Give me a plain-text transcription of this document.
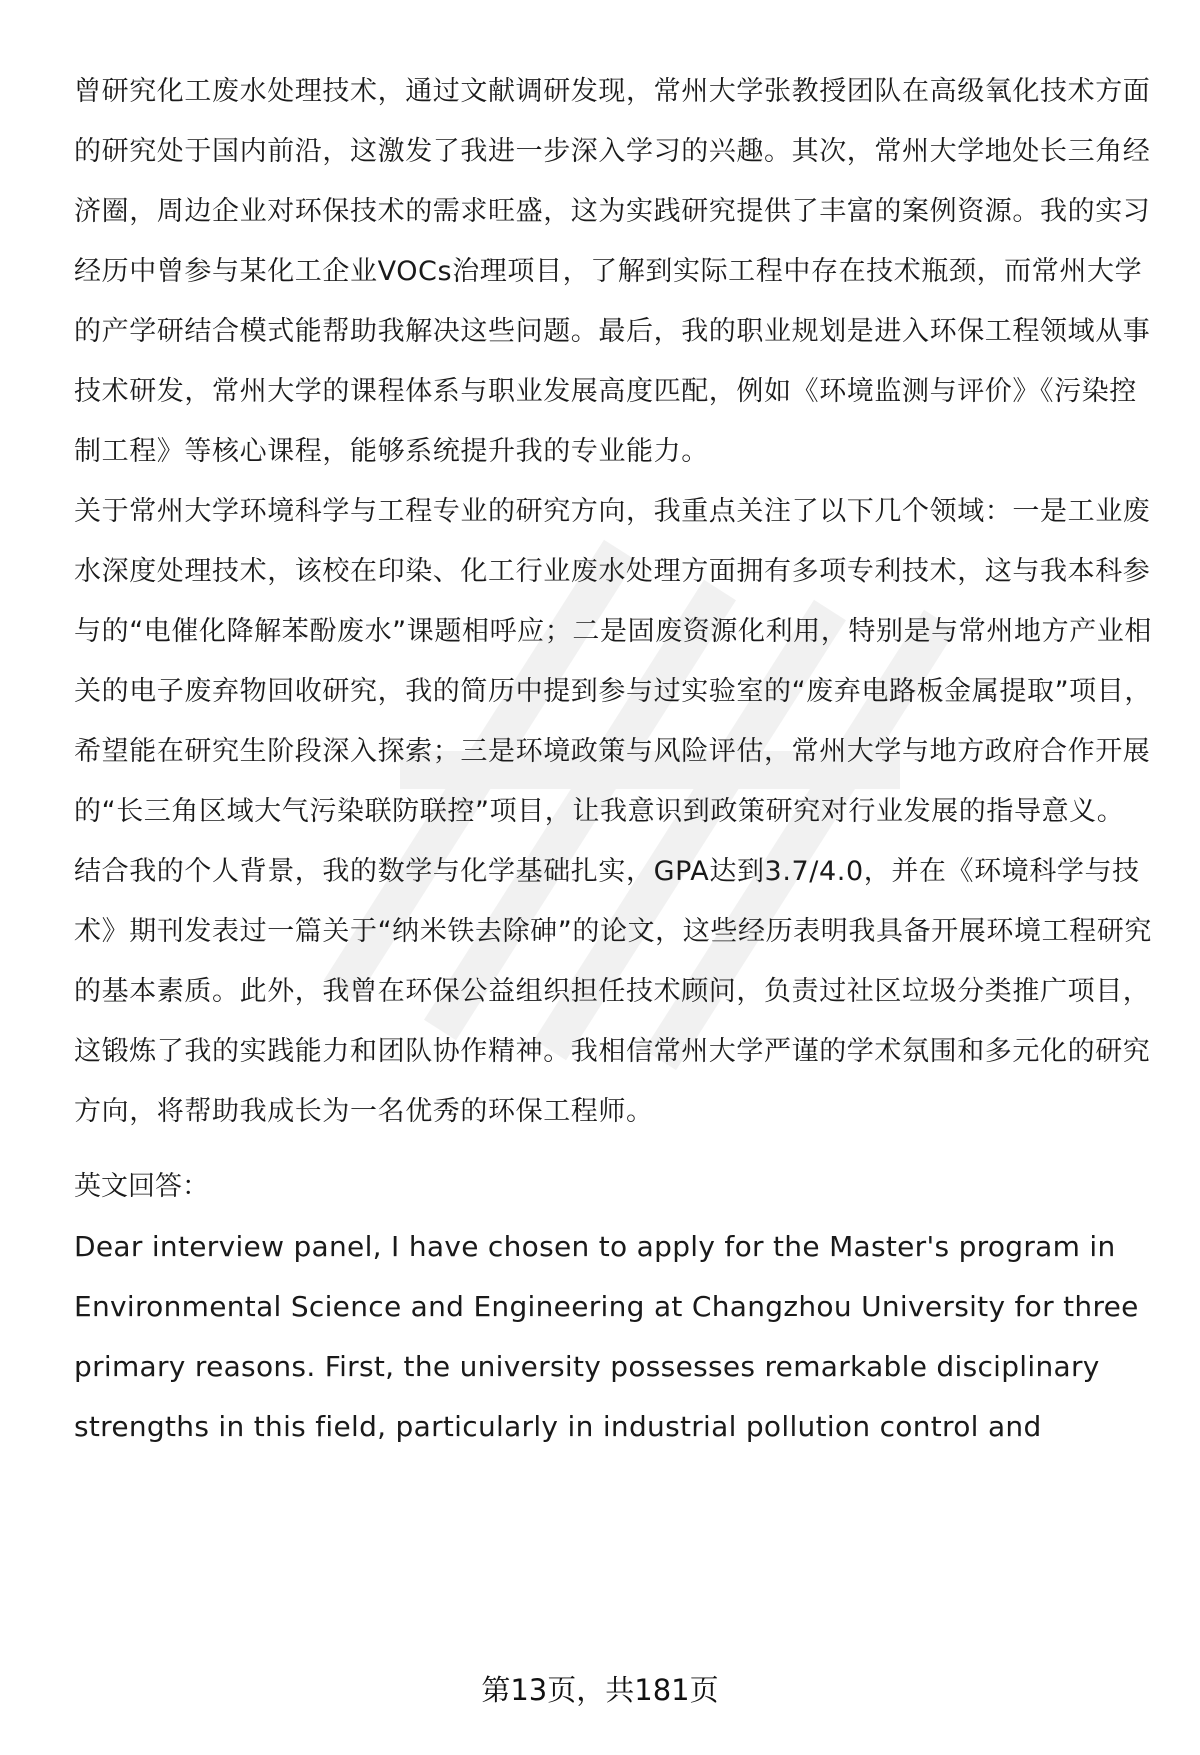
曾研究化工废水处理技术，通过文献调研发现，常州大学张教授团队在高级氧化技术方面的研究处于国内前沿，这激发了我进一步深入学习的兴趣。其次，常州大学地处长三角经济圈，周边企业对环保技术的需求旺盛，这为实践研究提供了丰富的案例资源。我的实习经历中曾参与某化工企业VOCs治理项目，了解到实际工程中存在技术瓶颈，而常州大学的产学研结合模式能帮助我解决这些问题。最后，我的职业规划是进入环保工程领域从事技术研发，常州大学的课程体系与职业发展高度匹配，例如《环境监测与评价》《污染控制工程》等核心课程，能够系统提升我的专业能力。

关于常州大学环境科学与工程专业的研究方向，我重点关注了以下几个领域：一是工业废水深度处理技术，该校在印染、化工行业废水处理方面拥有多项专利技术，这与我本科参与的“电催化降解苯酚废水”课题相呼应；二是固废资源化利用，特别是与常州地方产业相关的电子废弃物回收研究，我的简历中提到参与过实验室的“废弃电路板金属提取”项目，希望能在研究生阶段深入探索；三是环境政策与风险评估，常州大学与地方政府合作开展的“长三角区域大气污染联防联控”项目，让我意识到政策研究对行业发展的指导意义。

结合我的个人背景，我的数学与化学基础扎实，GPA达到3.7/4.0，并在《环境科学与技术》期刊发表过一篇关于“纳米铁去除砷”的论文，这些经历表明我具备开展环境工程研究的基本素质。此外，我曾在环保公益组织担任技术顾问，负责过社区垃圾分类推广项目，这锻炼了我的实践能力和团队协作精神。我相信常州大学严谨的学术氛围和多元化的研究方向，将帮助我成长为一名优秀的环保工程师。

英文回答：

Dear interview panel, I have chosen to apply for the Master's program in Environmental Science and Engineering at Changzhou University for three primary reasons. First, the university possesses remarkable disciplinary strengths in this field, particularly in industrial pollution control and

第13页，共181页
